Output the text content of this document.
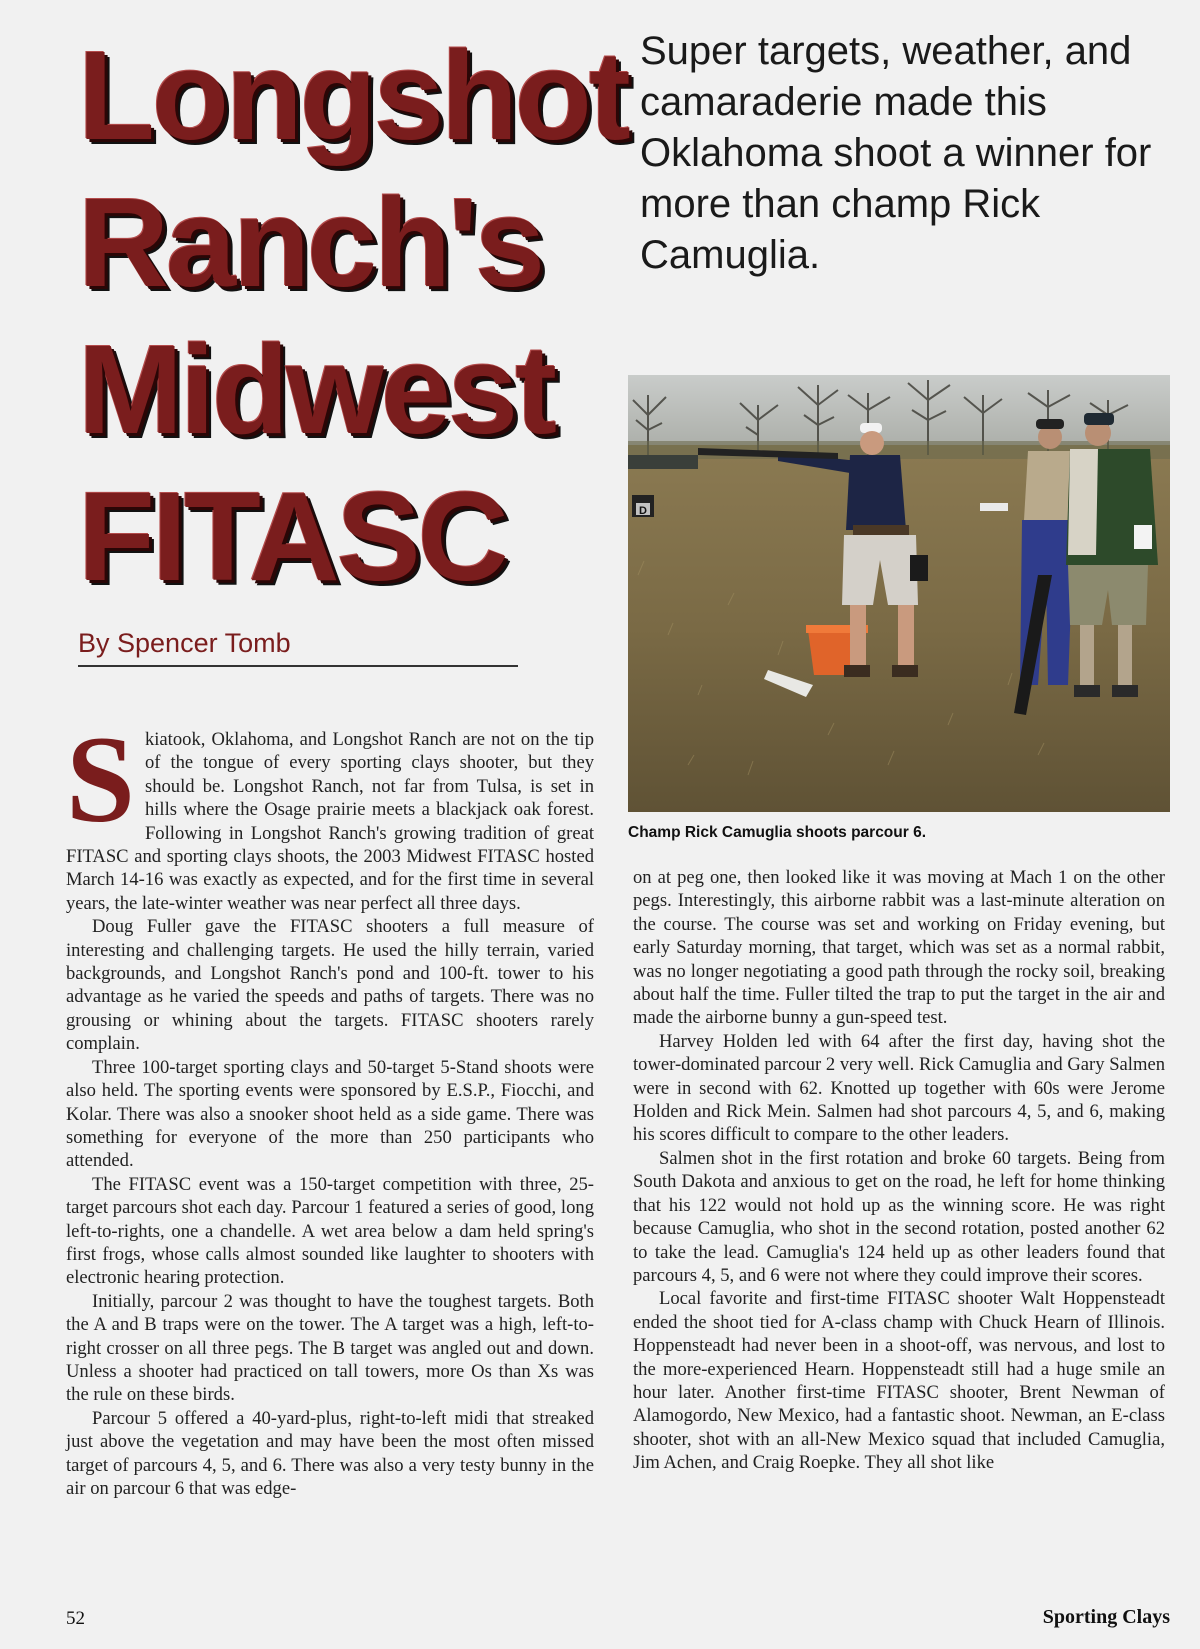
Longshot
Ranch's
Midwest
FITASC
Super targets, weather, and camaraderie made this Oklahoma shoot a winner for more than champ Rick Camuglia.
By Spencer Tomb
D
Champ Rick Camuglia shoots parcour 6.

Skiatook, Oklahoma, and Longshot Ranch are not on the tip of the tongue of every sporting clays shooter, but they should be. Longshot Ranch, not far from Tulsa, is set in hills where the Osage prairie meets a blackjack oak forest. Following in Longshot Ranch's growing tradition of great FITASC and sporting clays shoots, the 2003 Midwest FITASC hosted March 14-16 was exactly as expected, and for the first time in several years, the late-winter weather was near perfect all three days.

Doug Fuller gave the FITASC shooters a full measure of interesting and challenging targets. He used the hilly terrain, varied backgrounds, and Longshot Ranch's pond and 100-ft. tower to his advantage as he varied the speeds and paths of targets. There was no grousing or whining about the targets. FITASC shooters rarely complain.

Three 100-target sporting clays and 50-target 5-Stand shoots were also held. The sporting events were sponsored by E.S.P., Fiocchi, and Kolar. There was also a snooker shoot held as a side game. There was something for everyone of the more than 250 participants who attended.

The FITASC event was a 150-target competition with three, 25-target parcours shot each day. Parcour 1 featured a series of good, long left-to-rights, one a chandelle. A wet area below a dam held spring's first frogs, whose calls almost sounded like laughter to shooters with electronic hearing protection.

Initially, parcour 2 was thought to have the toughest targets. Both the A and B traps were on the tower. The A target was a high, left-to-right crosser on all three pegs. The B target was angled out and down. Unless a shooter had practiced on tall towers, more Os than Xs was the rule on these birds.

Parcour 5 offered a 40-yard-plus, right-to-left midi that streaked just above the vegetation and may have been the most often missed target of parcours 4, 5, and 6. There was also a very testy bunny in the air on parcour 6 that was edge-

on at peg one, then looked like it was moving at Mach 1 on the other pegs. Interestingly, this airborne rabbit was a last-minute alteration on the course. The course was set and working on Friday evening, but early Saturday morning, that target, which was set as a normal rabbit, was no longer negotiating a good path through the rocky soil, breaking about half the time. Fuller tilted the trap to put the target in the air and made the airborne bunny a gun-speed test.

Harvey Holden led with 64 after the first day, having shot the tower-dominated parcour 2 very well. Rick Camuglia and Gary Salmen were in second with 62. Knotted up together with 60s were Jerome Holden and Rick Mein. Salmen had shot parcours 4, 5, and 6, making his scores difficult to compare to the other leaders.

Salmen shot in the first rotation and broke 60 targets. Being from South Dakota and anxious to get on the road, he left for home thinking that his 122 would not hold up as the winning score. He was right because Camuglia, who shot in the second rotation, posted another 62 to take the lead. Camuglia's 124 held up as other leaders found that parcours 4, 5, and 6 were not where they could improve their scores.

Local favorite and first-time FITASC shooter Walt Hoppensteadt ended the shoot tied for A-class champ with Chuck Hearn of Illinois. Hoppensteadt had never been in a shoot-off, was nervous, and lost to the more-experienced Hearn. Hoppensteadt still had a huge smile an hour later. Another first-time FITASC shooter, Brent Newman of Alamogordo, New Mexico, had a fantastic shoot. Newman, an E-class shooter, shot with an all-New Mexico squad that included Camuglia, Jim Achen, and Craig Roepke. They all shot like

52	Sporting Clays
